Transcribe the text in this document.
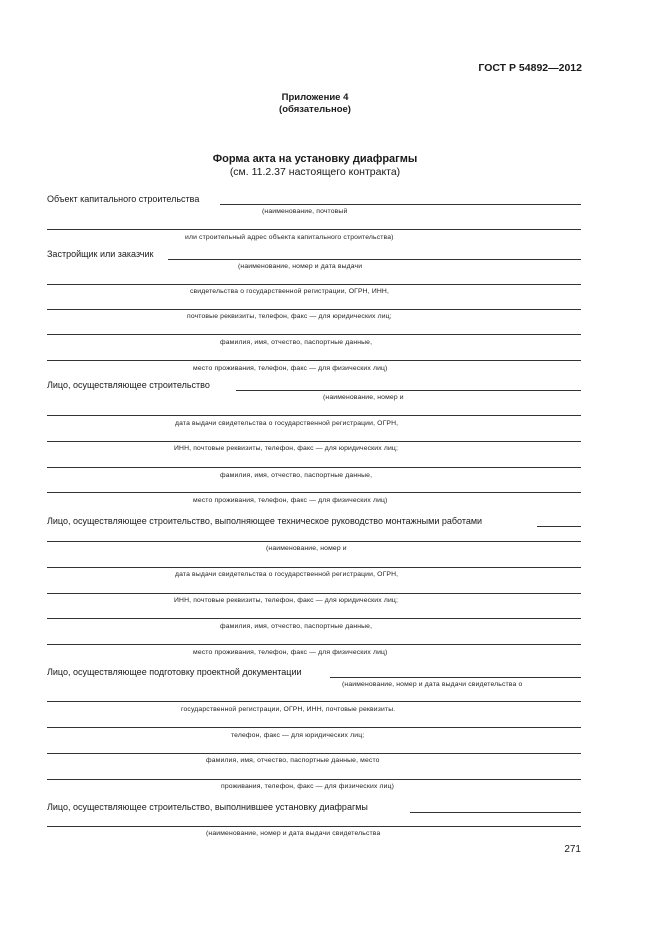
ГОСТ Р 54892—2012
Приложение 4
(обязательное)
Форма акта на установку диафрагмы
(см. 11.2.37 настоящего контракта)
Объект капитального строительства
(наименование, почтовый
или строительный адрес объекта капитального строительства)
Застройщик или заказчик
(наименование, номер и дата выдачи
свидетельства о государственной регистрации, ОГРН, ИНН,
почтовые реквизиты, телефон, факс — для юридических лиц;
фамилия, имя, отчество, паспортные данные,
место проживания, телефон, факс — для физических лиц)
Лицо, осуществляющее строительство
(наименование, номер и
дата выдачи свидетельства о государственной регистрации, ОГРН,
ИНН, почтовые реквизиты, телефон, факс — для юридических лиц;
фамилия, имя, отчество, паспортные данные,
место проживания, телефон, факс — для физических лиц)
Лицо, осуществляющее строительство, выполняющее техническое руководство монтажными работами
(наименование, номер и
дата выдачи свидетельства о государственной регистрации, ОГРН,
ИНН, почтовые реквизиты, телефон, факс — для юридических лиц;
фамилия, имя, отчество, паспортные данные,
место проживания, телефон, факс — для физических лиц)
Лицо, осуществляющее подготовку проектной документации
(наименование, номер и дата выдачи свидетельства о
государственной регистрации, ОГРН, ИНН, почтовые реквизиты.
телефон, факс — для юридических лиц;
фамилия, имя, отчество, паспортные данные, место
проживания, телефон, факс — для физических лиц)
Лицо, осуществляющее строительство, выполнившее установку диафрагмы
(наименование, номер и дата выдачи свидетельства
271
